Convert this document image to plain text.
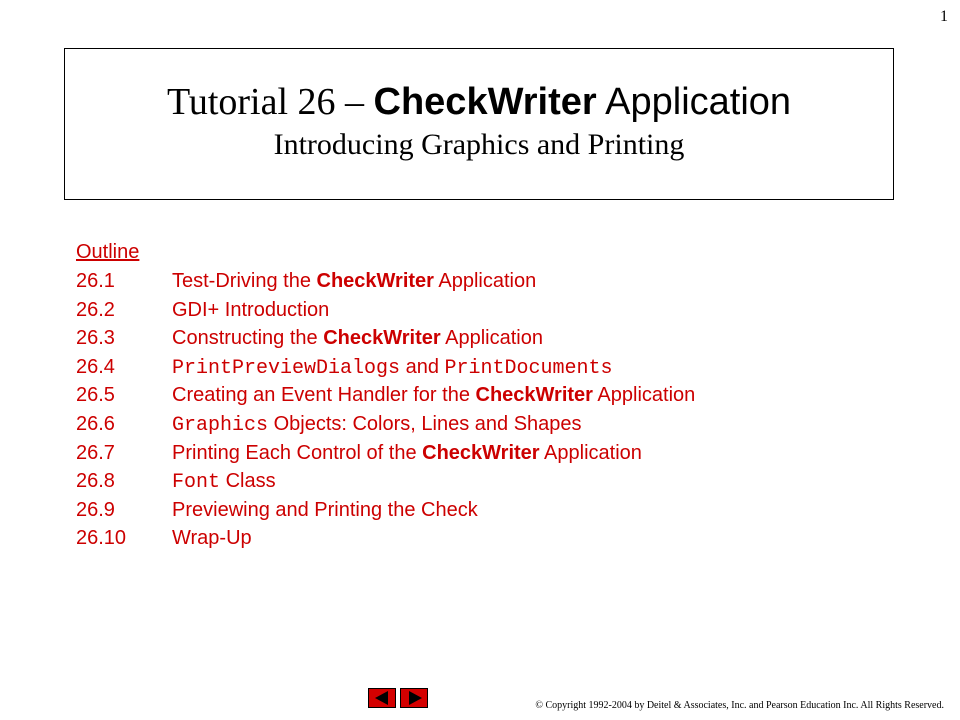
1
Tutorial 26 – CheckWriter Application
Introducing Graphics and Printing
Outline
26.1	Test-Driving the CheckWriter Application
26.2	GDI+ Introduction
26.3	Constructing the CheckWriter Application
26.4	PrintPreviewDialogs and PrintDocuments
26.5	Creating an Event Handler for the CheckWriter Application
26.6	Graphics Objects: Colors, Lines and Shapes
26.7	Printing Each Control of the CheckWriter Application
26.8	Font Class
26.9	Previewing and Printing the Check
26.10	Wrap-Up
© Copyright 1992-2004 by Deitel & Associates, Inc. and Pearson Education Inc. All Rights Reserved.
